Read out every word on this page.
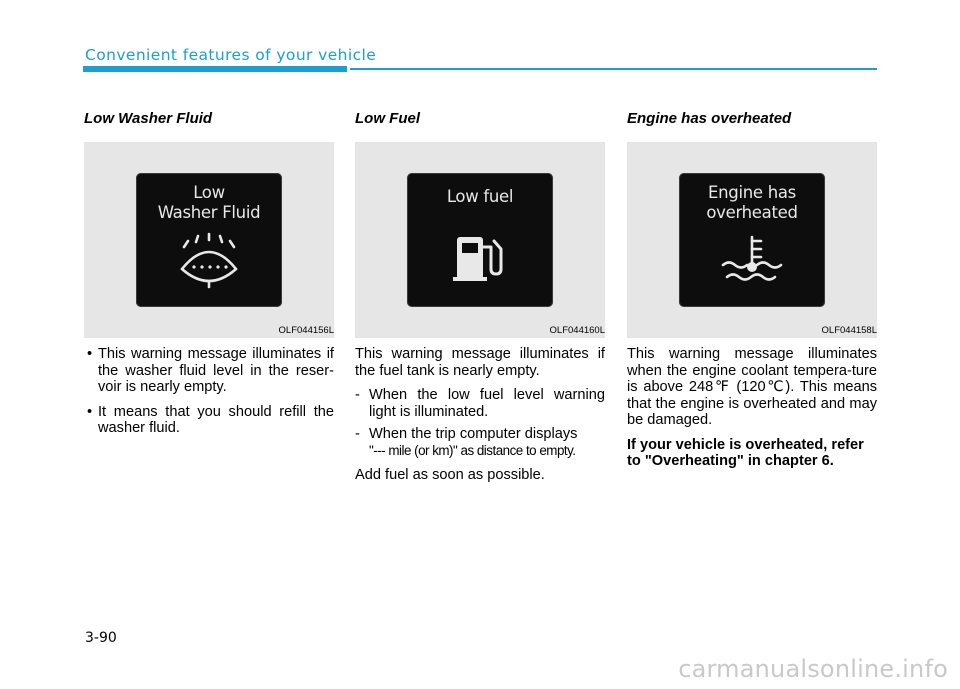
Convenient features of your vehicle
Low Washer Fluid
Low
Washer Fluid
OLF044156L
• This warning message illuminates if the washer fluid level in the reser-voir is nearly empty.
• It means that you should refill the washer fluid.
Low Fuel
Low fuel
OLF044160L

This warning message illuminates if the fuel tank is nearly empty.

- When the low fuel level warning light is illuminated.
- When the trip computer displays
"--- mile (or km)" as distance to empty.

Add fuel as soon as possible.

Engine has overheated
Engine has
overheated
OLF044158L

This warning message illuminates when the engine coolant tempera-ture is above 248℉ (120℃). This means that the engine is overheated and may be damaged.

If your vehicle is overheated, refer to "Overheating" in chapter 6.

3-90
carmanualsonline.info
